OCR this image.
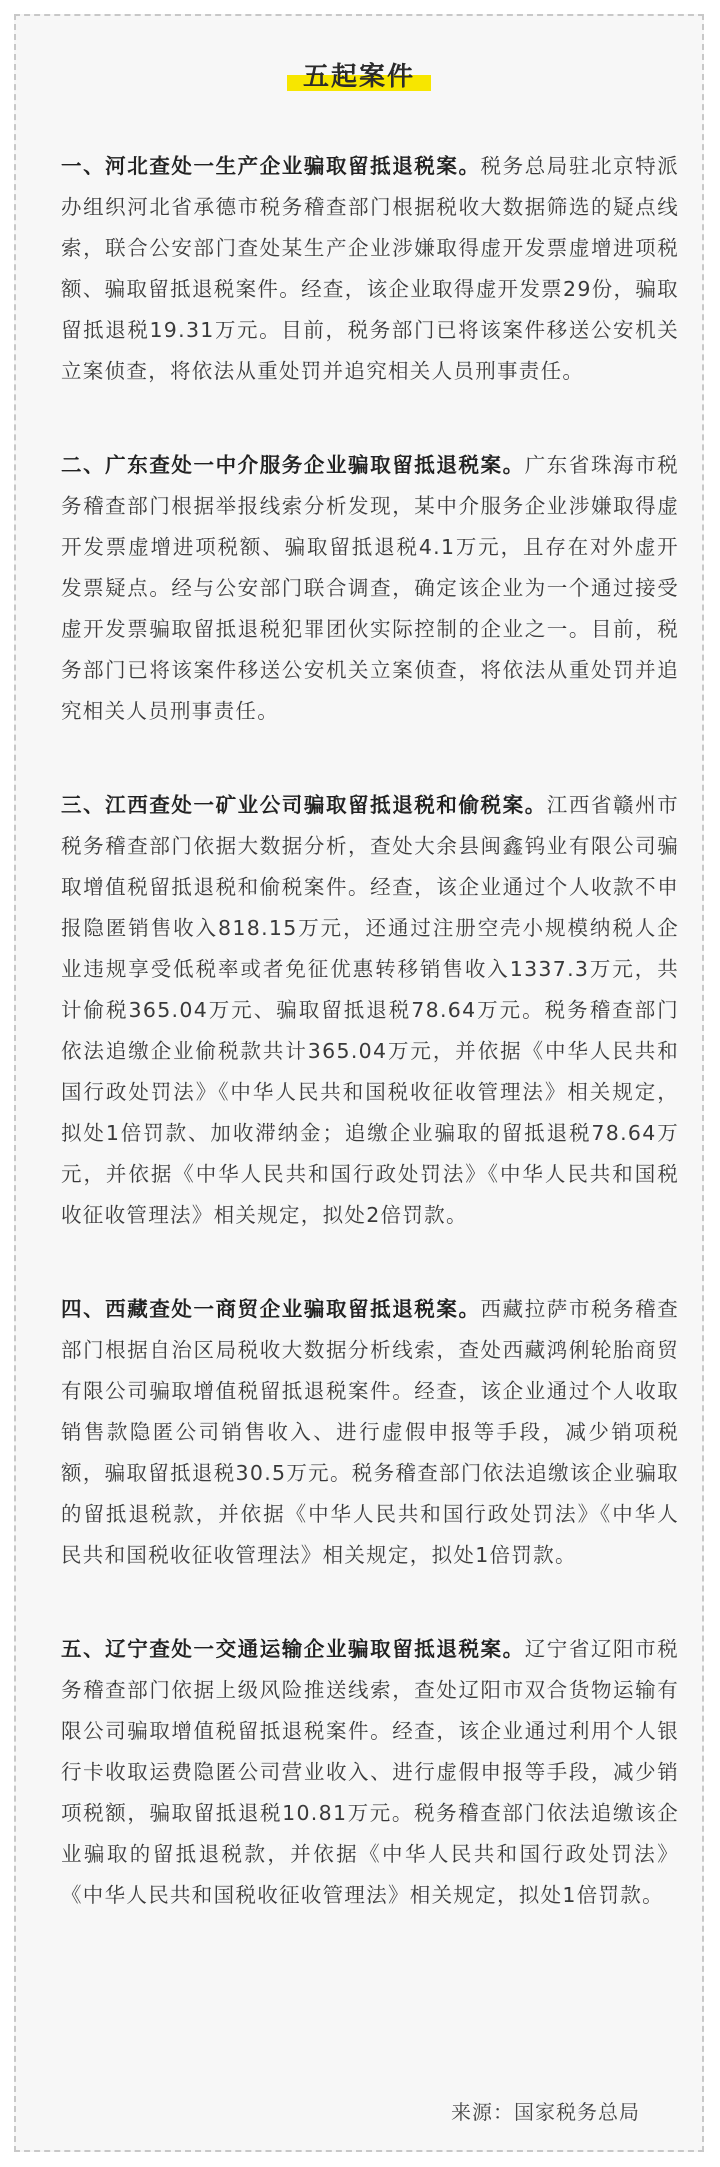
五起案件

一、河北查处一生产企业骗取留抵退税案。税务总局驻北京特派办组织河北省承德市税务稽查部门根据税收大数据筛选的疑点线索，联合公安部门查处某生产企业涉嫌取得虚开发票虚增进项税额、骗取留抵退税案件。经查，该企业取得虚开发票29份，骗取留抵退税19.31万元。目前，税务部门已将该案件移送公安机关立案侦查，将依法从重处罚并追究相关人员刑事责任。

二、广东查处一中介服务企业骗取留抵退税案。广东省珠海市税务稽查部门根据举报线索分析发现，某中介服务企业涉嫌取得虚开发票虚增进项税额、骗取留抵退税4.1万元，且存在对外虚开发票疑点。经与公安部门联合调查，确定该企业为一个通过接受虚开发票骗取留抵退税犯罪团伙实际控制的企业之一。目前，税务部门已将该案件移送公安机关立案侦查，将依法从重处罚并追究相关人员刑事责任。

三、江西查处一矿业公司骗取留抵退税和偷税案。江西省赣州市税务稽查部门依据大数据分析，查处大余县闽鑫钨业有限公司骗取增值税留抵退税和偷税案件。经查，该企业通过个人收款不申报隐匿销售收入818.15万元，还通过注册空壳小规模纳税人企业违规享受低税率或者免征优惠转移销售收入1337.3万元，共计偷税365.04万元、骗取留抵退税78.64万元。税务稽查部门依法追缴企业偷税款共计365.04万元，并依据《中华人民共和国行政处罚法》《中华人民共和国税收征收管理法》相关规定，拟处1倍罚款、加收滞纳金；追缴企业骗取的留抵退税78.64万元，并依据《中华人民共和国行政处罚法》《中华人民共和国税收征收管理法》相关规定，拟处2倍罚款。

四、西藏查处一商贸企业骗取留抵退税案。西藏拉萨市税务稽查部门根据自治区局税收大数据分析线索，查处西藏鸿俐轮胎商贸有限公司骗取增值税留抵退税案件。经查，该企业通过个人收取销售款隐匿公司销售收入、进行虚假申报等手段，减少销项税额，骗取留抵退税30.5万元。税务稽查部门依法追缴该企业骗取的留抵退税款，并依据《中华人民共和国行政处罚法》《中华人民共和国税收征收管理法》相关规定，拟处1倍罚款。

五、辽宁查处一交通运输企业骗取留抵退税案。辽宁省辽阳市税务稽查部门依据上级风险推送线索，查处辽阳市双合货物运输有限公司骗取增值税留抵退税案件。经查，该企业通过利用个人银行卡收取运费隐匿公司营业收入、进行虚假申报等手段，减少销项税额，骗取留抵退税10.81万元。税务稽查部门依法追缴该企业骗取的留抵退税款，并依据《中华人民共和国行政处罚法》《中华人民共和国税收征收管理法》相关规定，拟处1倍罚款。

来源：国家税务总局
